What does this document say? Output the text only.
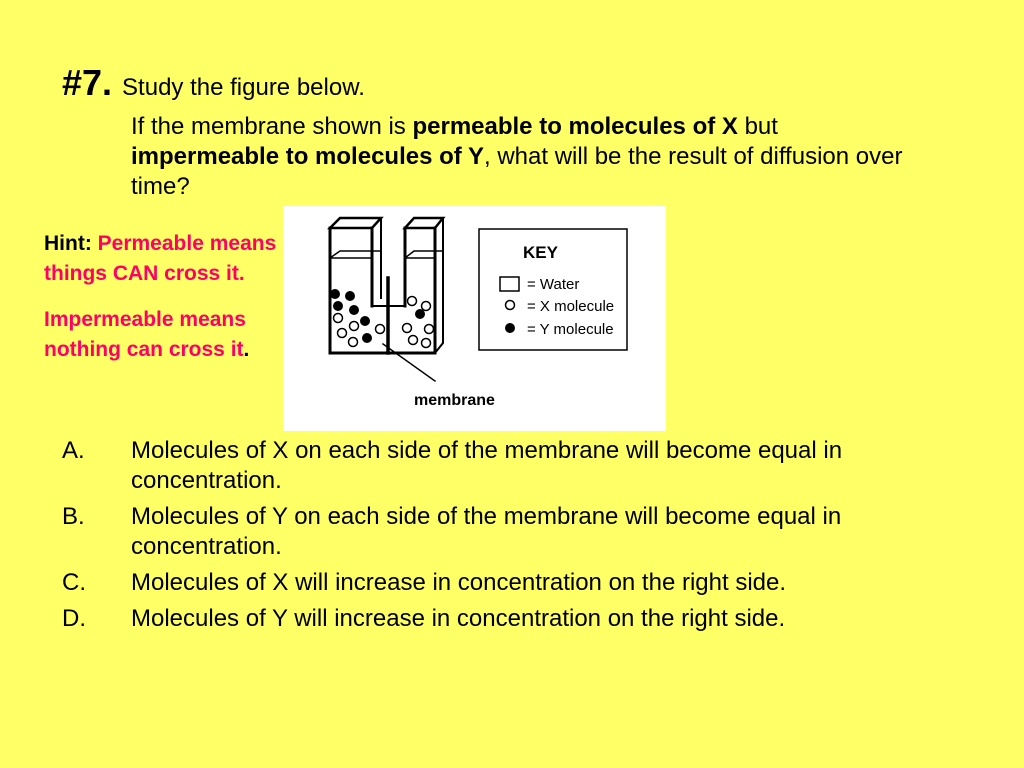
#7. Study the figure below.
If the membrane shown is permeable to molecules of X but impermeable to molecules of Y, what will be the result of diffusion over time?

Hint: Permeable means things CAN cross it.

Impermeable means nothing can cross it.

KEY
= Water
= X molecule
= Y molecule
membrane
A. Molecules of X on each side of the membrane will become equal in concentration.
B. Molecules of Y on each side of the membrane will become equal in concentration.
C. Molecules of X will increase in concentration on the right side.
D. Molecules of Y will increase in concentration on the right side.
